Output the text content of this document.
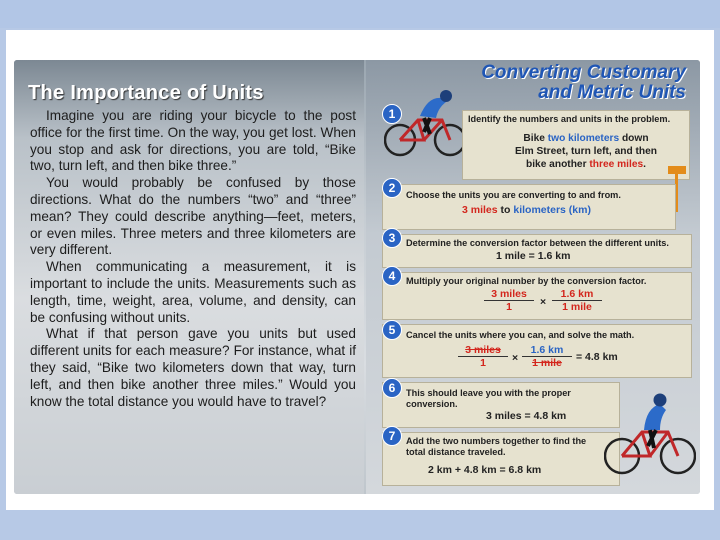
The Importance of Units

Imagine you are riding your bicycle to the post office for the first time. On the way, you get lost. When you stop and ask for directions, you are told, “Bike two, turn left, and then bike three.”

You would probably be confused by those directions. What do the numbers “two” and “three” mean? They could describe anything—feet, meters, or even miles. Three meters and three kilometers are very different.

When communicating a measurement, it is important to include the units. Measurements such as length, time, weight, area, volume, and density, can be confusing without units.

What if that person gave you units but used different units for each measure? For instance, what if they said, “Bike two kilometers down that way, turn left, and then bike another three miles.” Would you know the total distance you would have to travel?

Converting Customary
and Metric Units
1	Identify the numbers and units in the problem.
Bike two kilometers down
Elm Street, turn left, and then
bike another three miles.
2	Choose the units you are converting to and from.
3 miles to kilometers (km)
3	Determine the conversion factor between the different units.
1 mile = 1.6 km
4	Multiply your original number by the conversion factor.
3 miles
1	×
1.6 km
1 mile
5	Cancel the units where you can, and solve the math.
3 miles
1	×
1.6 km
1 mile	= 4.8 km
6	This should leave you with the proper
conversion.
3 miles = 4.8 km
7	Add the two numbers together to find the
total distance traveled.
2 km + 4.8 km = 6.8 km
